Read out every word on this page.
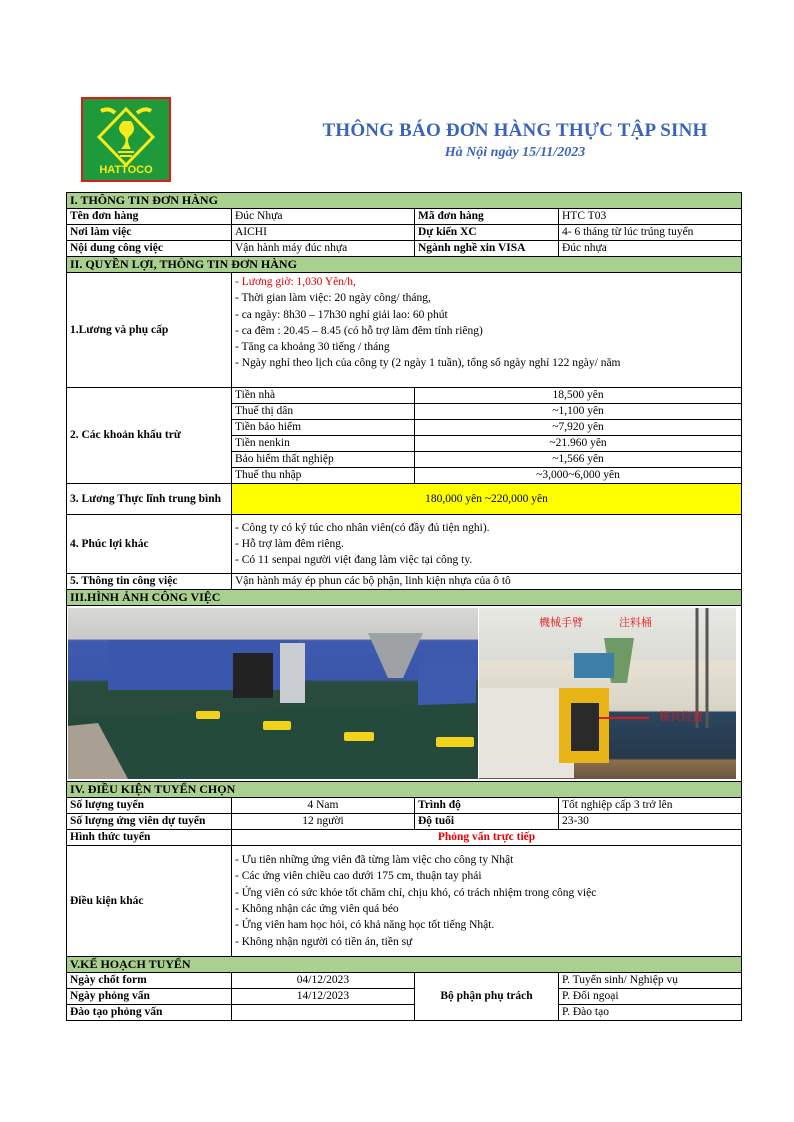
HATTOCO
THÔNG BÁO ĐƠN HÀNG THỰC TẬP SINH
Hà Nội ngày 15/11/2023
I. THÔNG TIN ĐƠN HÀNG			
Tên đơn hàng	Đúc Nhựa	Mã đơn hàng	HTC T03
Nơi làm việc	AICHI	Dự kiến XC	4- 6 tháng từ lúc trúng tuyển
Nội dung công việc	Vận hành máy đúc nhựa	Ngành nghề xin VISA	Đúc nhựa
II. QUYỀN LỢI, THÔNG TIN ĐƠN HÀNG			
1.Lương và phụ cấp	
- Lương giờ: 1,030 Yên/h,
- Thời gian làm việc: 20 ngày công/ tháng,
- ca ngày: 8h30 – 17h30 nghỉ giải lao: 60 phút
- ca đêm : 20.45 – 8.45 (có hỗ trợ làm đêm tính riêng)
- Tăng ca khoảng 30 tiếng / tháng
- Ngày nghỉ theo lịch của công ty (2 ngày 1 tuần), tổng số ngày nghỉ 122 ngày/ năm

2. Các khoản khấu trừ	Tiền nhà	18,500 yên	
	Thuế thị dân	~1,100 yên	
	Tiền bảo hiểm	~7,920 yên	
	Tiền nenkin	~21.960 yên	
	Bảo hiểm thất nghiệp	~1,566 yên	
	Thuế thu nhập	~3,000~6,000 yên	
3. Lương Thực lĩnh trung bình	180,000 yên ~220,000 yên		
4. Phúc lợi khác	- Công ty có ký túc cho nhân viên(có đầy đủ tiện nghi).
- Hỗ trợ làm đêm riêng.
- Có 11 senpai người việt đang làm việc tại công ty.		

5. Thông tin công việc	Vận hành máy ép phun các bộ phận, linh kiện nhựa của ô tô		
III.HÌNH ẢNH CÔNG VIỆC			

機械手臂 注料桶
模具位置			

IV. ĐIỀU KIỆN TUYỂN CHỌN			
Số lượng tuyển	4 Nam	Trình độ	Tốt nghiệp cấp 3 trở lên
Số lượng ứng viên dự tuyển	12 người	Độ tuổi	23-30
Hình thức tuyển	Phỏng vấn trực tiếp		
Điều kiện khác	
- Ưu tiên những ứng viên đã từng làm việc cho công ty Nhật
- Các ứng viên chiều cao dưới 175 cm, thuận tay phải
- Ứng viên có sức khỏe tốt chăm chỉ, chịu khó, có trách nhiệm trong công việc
- Không nhận các ứng viên quá béo
- Ứng viên ham học hỏi, có khả năng học tốt tiếng Nhật.
- Không nhận người có tiền án, tiền sự

V.KẾ HOẠCH TUYỂN			
Ngày chốt form	04/12/2023	Bộ phận phụ trách	P. Tuyển sinh/ Nghiệp vụ
Ngày phỏng vấn	14/12/2023		P. Đối ngoại
Đào tạo phỏng vấn			P. Đào tạo
